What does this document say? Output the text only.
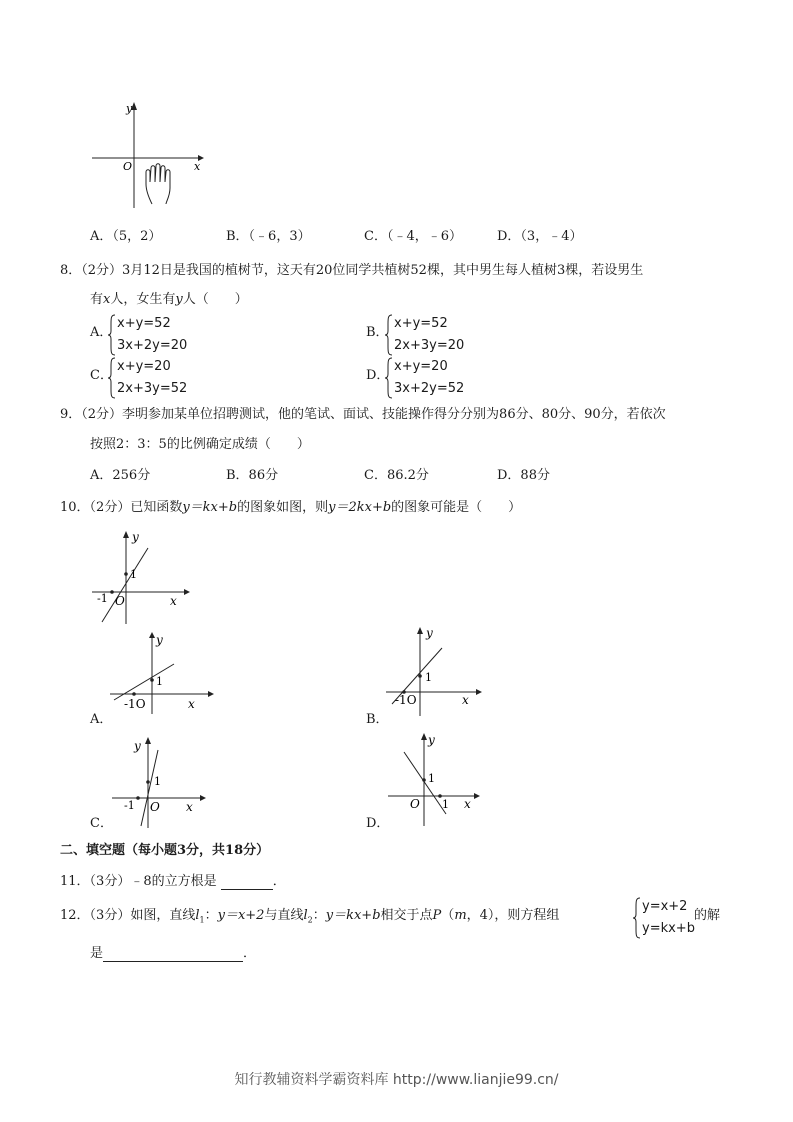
y
x
O
A．（5，2）	B．（﹣6，3）	C．（﹣4，﹣6）	D．（3，﹣4）
8．（2分）3月12日是我国的植树节，这天有20位同学共植树52棵，其中男生每人植树3棵，若设男生
有x人，女生有y人（　　）
A．
x+y=52
3x+2y=20
B．
x+y=52
2x+3y=20
C．
x+y=20
2x+3y=52
D．
x+y=20
3x+2y=52
9．（2分）李明参加某单位招聘测试，他的笔试、面试、技能操作得分分别为86分、80分、90分，若依次
按照2：3：5的比例确定成绩（　　）
A．256分	B．86分	C．86.2分	D．88分
10．（2分）已知函数y＝kx+b的图象如图，则y＝2kx+b的图象可能是（　　）
y
x
O
1
-1
y
x
1
-1O
A．
y
x
1
-1O
B．
y
x
1
-1 O
C．
y
x
1
O 1
D．
二、填空题（每小题3分，共18分）
11．（3分）﹣8的立方根是	．
12．（3分）如图，直线$l_1$：y＝x+2与直线$l_2$：y＝kx+b相交于点P（m，4），则方程组
y=x+2
y=kx+b
的解
是	．
知行教辅资料学霸资料库 http://www.lianjie99.cn/
